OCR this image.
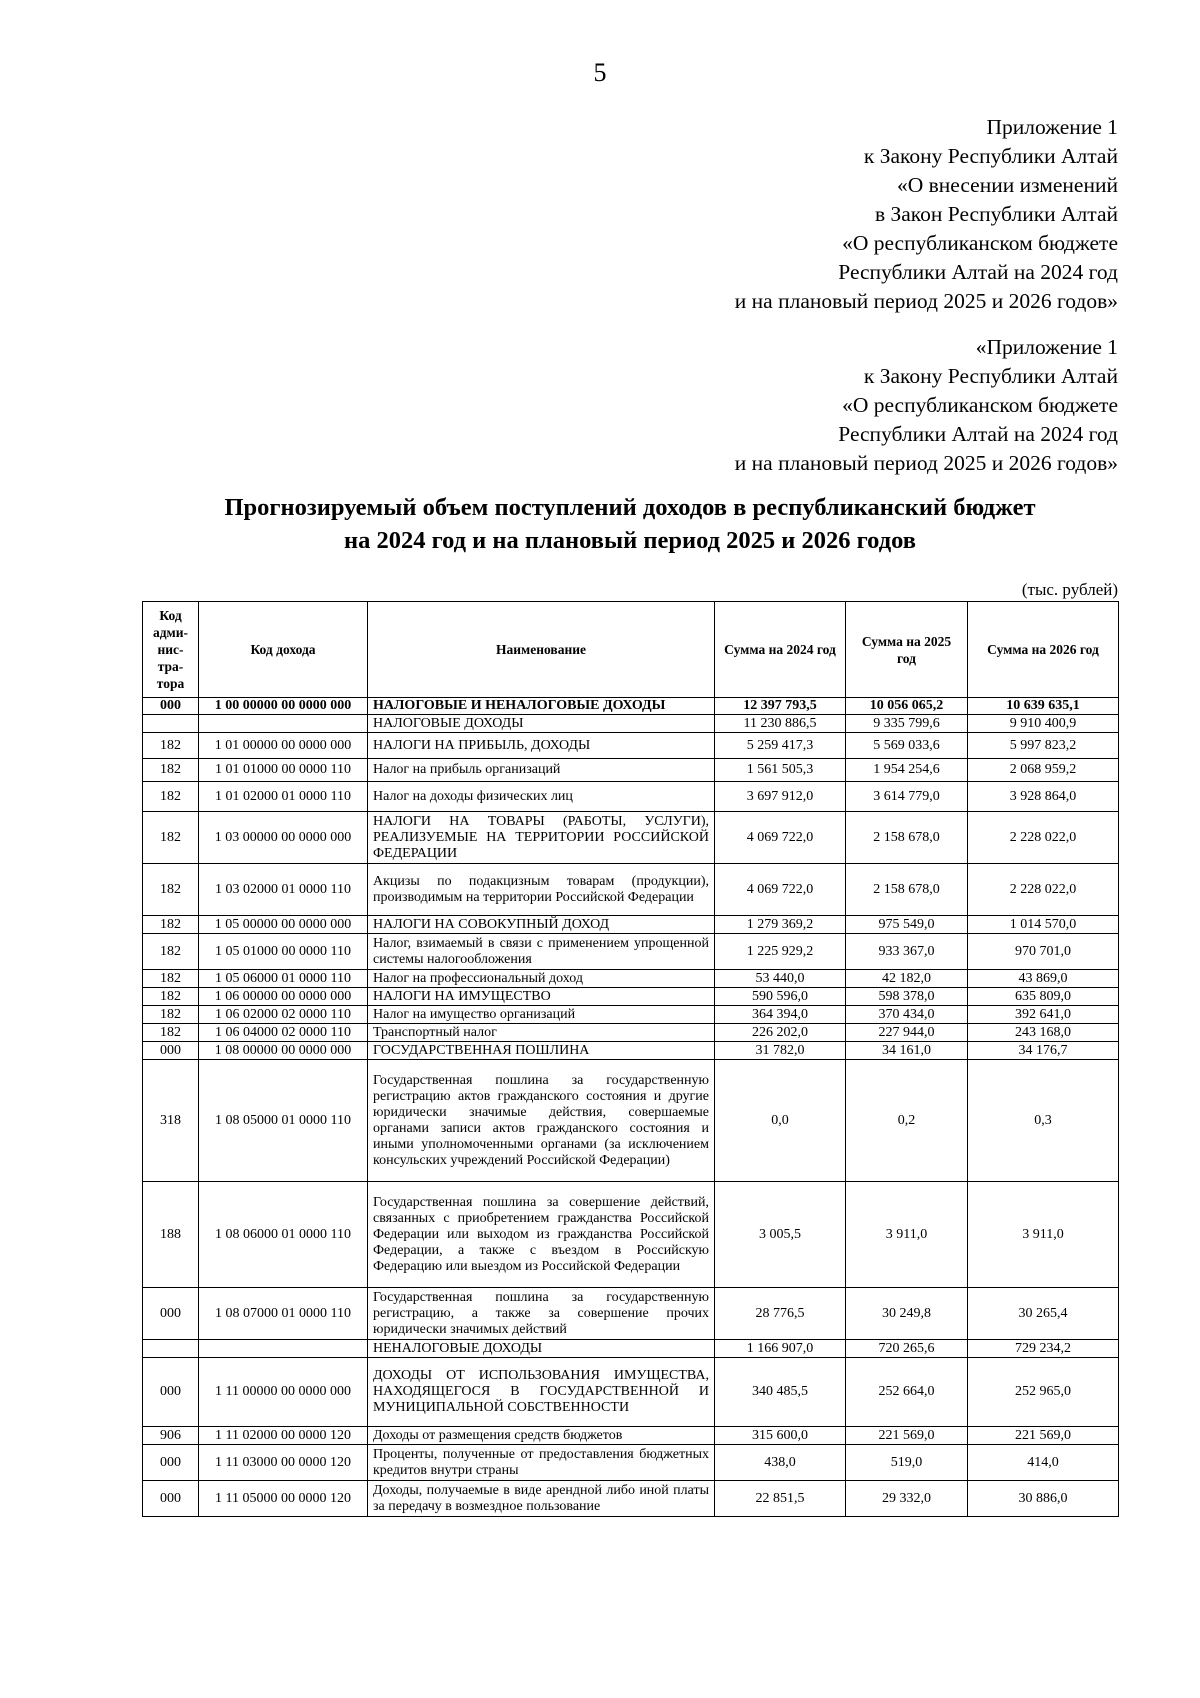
5
Приложение 1
к Закону Республики Алтай
«О внесении изменений
в Закон Республики Алтай
«О республиканском бюджете
Республики Алтай на 2024 год
и на плановый период 2025 и 2026 годов»
«Приложение 1
к Закону Республики Алтай
«О республиканском бюджете
Республики Алтай на 2024 год
и на плановый период 2025 и 2026 годов»
Прогнозируемый объем поступлений доходов в республиканский бюджет
на 2024 год и на плановый период 2025 и 2026 годов
(тыс. рублей)
Код адми- нис- тра- тора	Код дохода	Наименование	Сумма на 2024 год	Сумма на 2025 год	Сумма на 2026 год
000	1 00 00000 00 0000 000	НАЛОГОВЫЕ И НЕНАЛОГОВЫЕ ДОХОДЫ	12 397 793,5	10 056 065,2	10 639 635,1
		НАЛОГОВЫЕ ДОХОДЫ	11 230 886,5	9 335 799,6	9 910 400,9
182	1 01 00000 00 0000 000	НАЛОГИ НА ПРИБЫЛЬ, ДОХОДЫ	5 259 417,3	5 569 033,6	5 997 823,2
182	1 01 01000 00 0000 110	Налог на прибыль организаций	1 561 505,3	1 954 254,6	2 068 959,2
182	1 01 02000 01 0000 110	Налог на доходы физических лиц	3 697 912,0	3 614 779,0	3 928 864,0
182	1 03 00000 00 0000 000	НАЛОГИ НА ТОВАРЫ (РАБОТЫ, УСЛУГИ), РЕАЛИЗУЕМЫЕ НА ТЕРРИТОРИИ РОССИЙСКОЙ ФЕДЕРАЦИИ	4 069 722,0	2 158 678,0	2 228 022,0
182	1 03 02000 01 0000 110	Акцизы по подакцизным товарам (продукции), производимым на территории Российской Федерации	4 069 722,0	2 158 678,0	2 228 022,0
182	1 05 00000 00 0000 000	НАЛОГИ НА СОВОКУПНЫЙ ДОХОД	1 279 369,2	975 549,0	1 014 570,0
182	1 05 01000 00 0000 110	Налог, взимаемый в связи с применением упрощенной системы налогообложения	1 225 929,2	933 367,0	970 701,0
182	1 05 06000 01 0000 110	Налог на профессиональный доход	53 440,0	42 182,0	43 869,0
182	1 06 00000 00 0000 000	НАЛОГИ НА ИМУЩЕСТВО	590 596,0	598 378,0	635 809,0
182	1 06 02000 02 0000 110	Налог на имущество организаций	364 394,0	370 434,0	392 641,0
182	1 06 04000 02 0000 110	Транспортный налог	226 202,0	227 944,0	243 168,0
000	1 08 00000 00 0000 000	ГОСУДАРСТВЕННАЯ ПОШЛИНА	31 782,0	34 161,0	34 176,7
318	1 08 05000 01 0000 110	Государственная пошлина за государственную регистрацию актов гражданского состояния и другие юридически значимые действия, совершаемые органами записи актов гражданского состояния и иными уполномоченными органами (за исключением консульских учреждений Российской Федерации)	0,0	0,2	0,3
188	1 08 06000 01 0000 110	Государственная пошлина за совершение действий, связанных с приобретением гражданства Российской Федерации или выходом из гражданства Российской Федерации, а также с въездом в Российскую Федерацию или выездом из Российской Федерации	3 005,5	3 911,0	3 911,0
000	1 08 07000 01 0000 110	Государственная пошлина за государственную регистрацию, а также за совершение прочих юридически значимых действий	28 776,5	30 249,8	30 265,4
		НЕНАЛОГОВЫЕ ДОХОДЫ	1 166 907,0	720 265,6	729 234,2
000	1 11 00000 00 0000 000	ДОХОДЫ ОТ ИСПОЛЬЗОВАНИЯ ИМУЩЕСТВА, НАХОДЯЩЕГОСЯ В ГОСУДАРСТВЕННОЙ И МУНИЦИПАЛЬНОЙ СОБСТВЕННОСТИ	340 485,5	252 664,0	252 965,0
906	1 11 02000 00 0000 120	Доходы от размещения средств бюджетов	315 600,0	221 569,0	221 569,0
000	1 11 03000 00 0000 120	Проценты, полученные от предоставления бюджетных кредитов внутри страны	438,0	519,0	414,0
000	1 11 05000 00 0000 120	Доходы, получаемые в виде арендной либо иной платы за передачу в возмездное пользование	22 851,5	29 332,0	30 886,0
